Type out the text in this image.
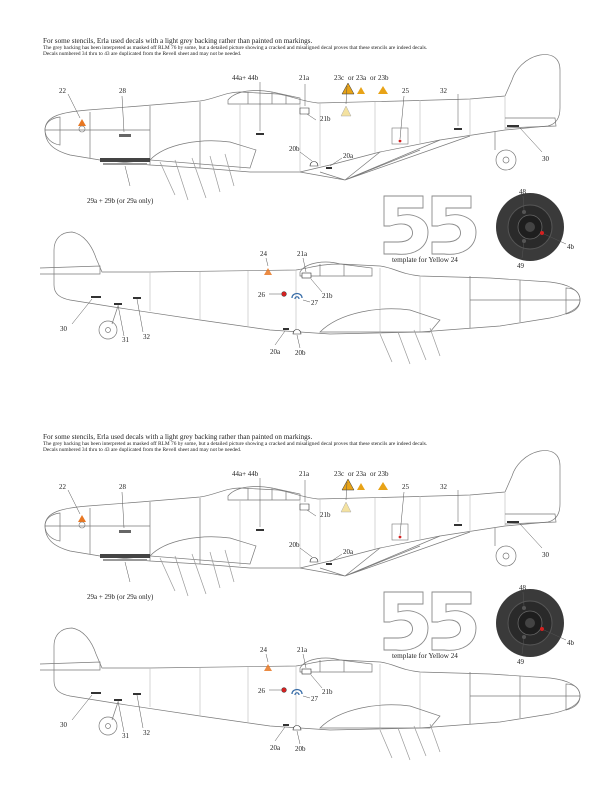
For some stencils, Erla used decals with a light grey backing rather than painted on markings.
The grey backing has been interpreted as masked off RLM 76 by some, but a detailed picture showing a cracked and misaligned decal proves that these stencils are indeed decals.
Decals numbered 34 thru to 43 are duplicated from the Revell sheet and may not be needed.
22	28
44a+ 44b	21a
21b
23c or 23a or 23b
25	32
30
20b
20a
29a + 29b (or 29a only)
template for Yellow 24
48
4b
49
24	21a
26
27
21b
30
31 32
20a 20b
For some stencils, Erla used decals with a light grey backing rather than painted on markings.
The grey backing has been interpreted as masked off RLM 76 by some, but a detailed picture showing a cracked and misaligned decal proves that these stencils are indeed decals.
Decals numbered 34 thru to 43 are duplicated from the Revell sheet and may not be needed.
22	28
44a+ 44b	21a
21b
23c or 23a or 23b
25	32
30
20b
20a
29a + 29b (or 29a only)
template for Yellow 24
48
4b
49
24	21a
26
27
21b
30
31 32
20a 20b
